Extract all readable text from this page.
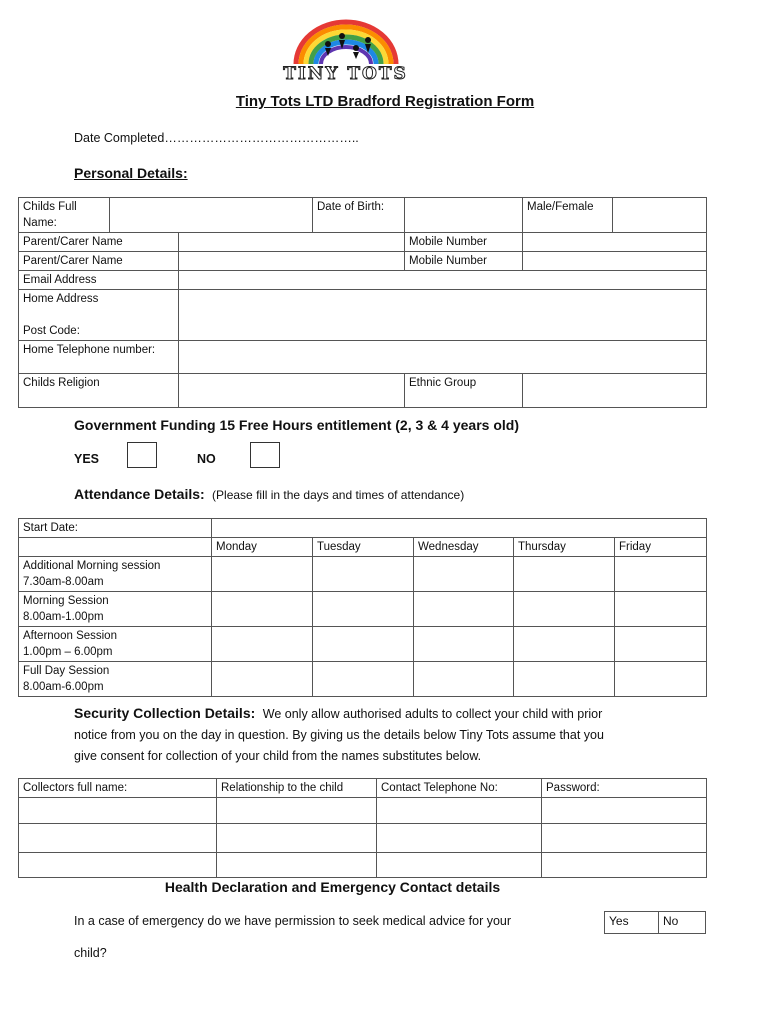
TINY TOTS
Tiny Tots LTD Bradford Registration Form
Date Completed………………………………………..
Personal Details:
Childs Full Name:			Date of Birth:		Male/Female	
Parent/Carer Name				Mobile Number		
Parent/Carer Name				Mobile Number		
Email Address						

Home Address
Post Code:						

Home Telephone number:						
Childs Religion				Ethnic Group		
Government Funding 15 Free Hours entitlement (2, 3 & 4 years old)
YES	NO
Attendance Details: (Please fill in the days and times of attendance)
Start Date:					
	Monday	Tuesday	Wednesday	Thursday	Friday

Additional Morning session
7.30am-8.00am					

Morning Session
8.00am-1.00pm					

Afternoon Session
1.00pm – 6.00pm					

Full Day Session
8.00am-6.00pm					

Security Collection Details: We only allow authorised adults to collect your child with prior
notice from you on the day in question. By giving us the details below Tiny Tots assume that you
give consent for collection of your child from the names substitutes below.
Collectors full name:	Relationship to the child	Contact Telephone No:	Password:

Health Declaration and Emergency Contact details
In a case of emergency do we have permission to seek medical advice for your
child?
Yes	No
